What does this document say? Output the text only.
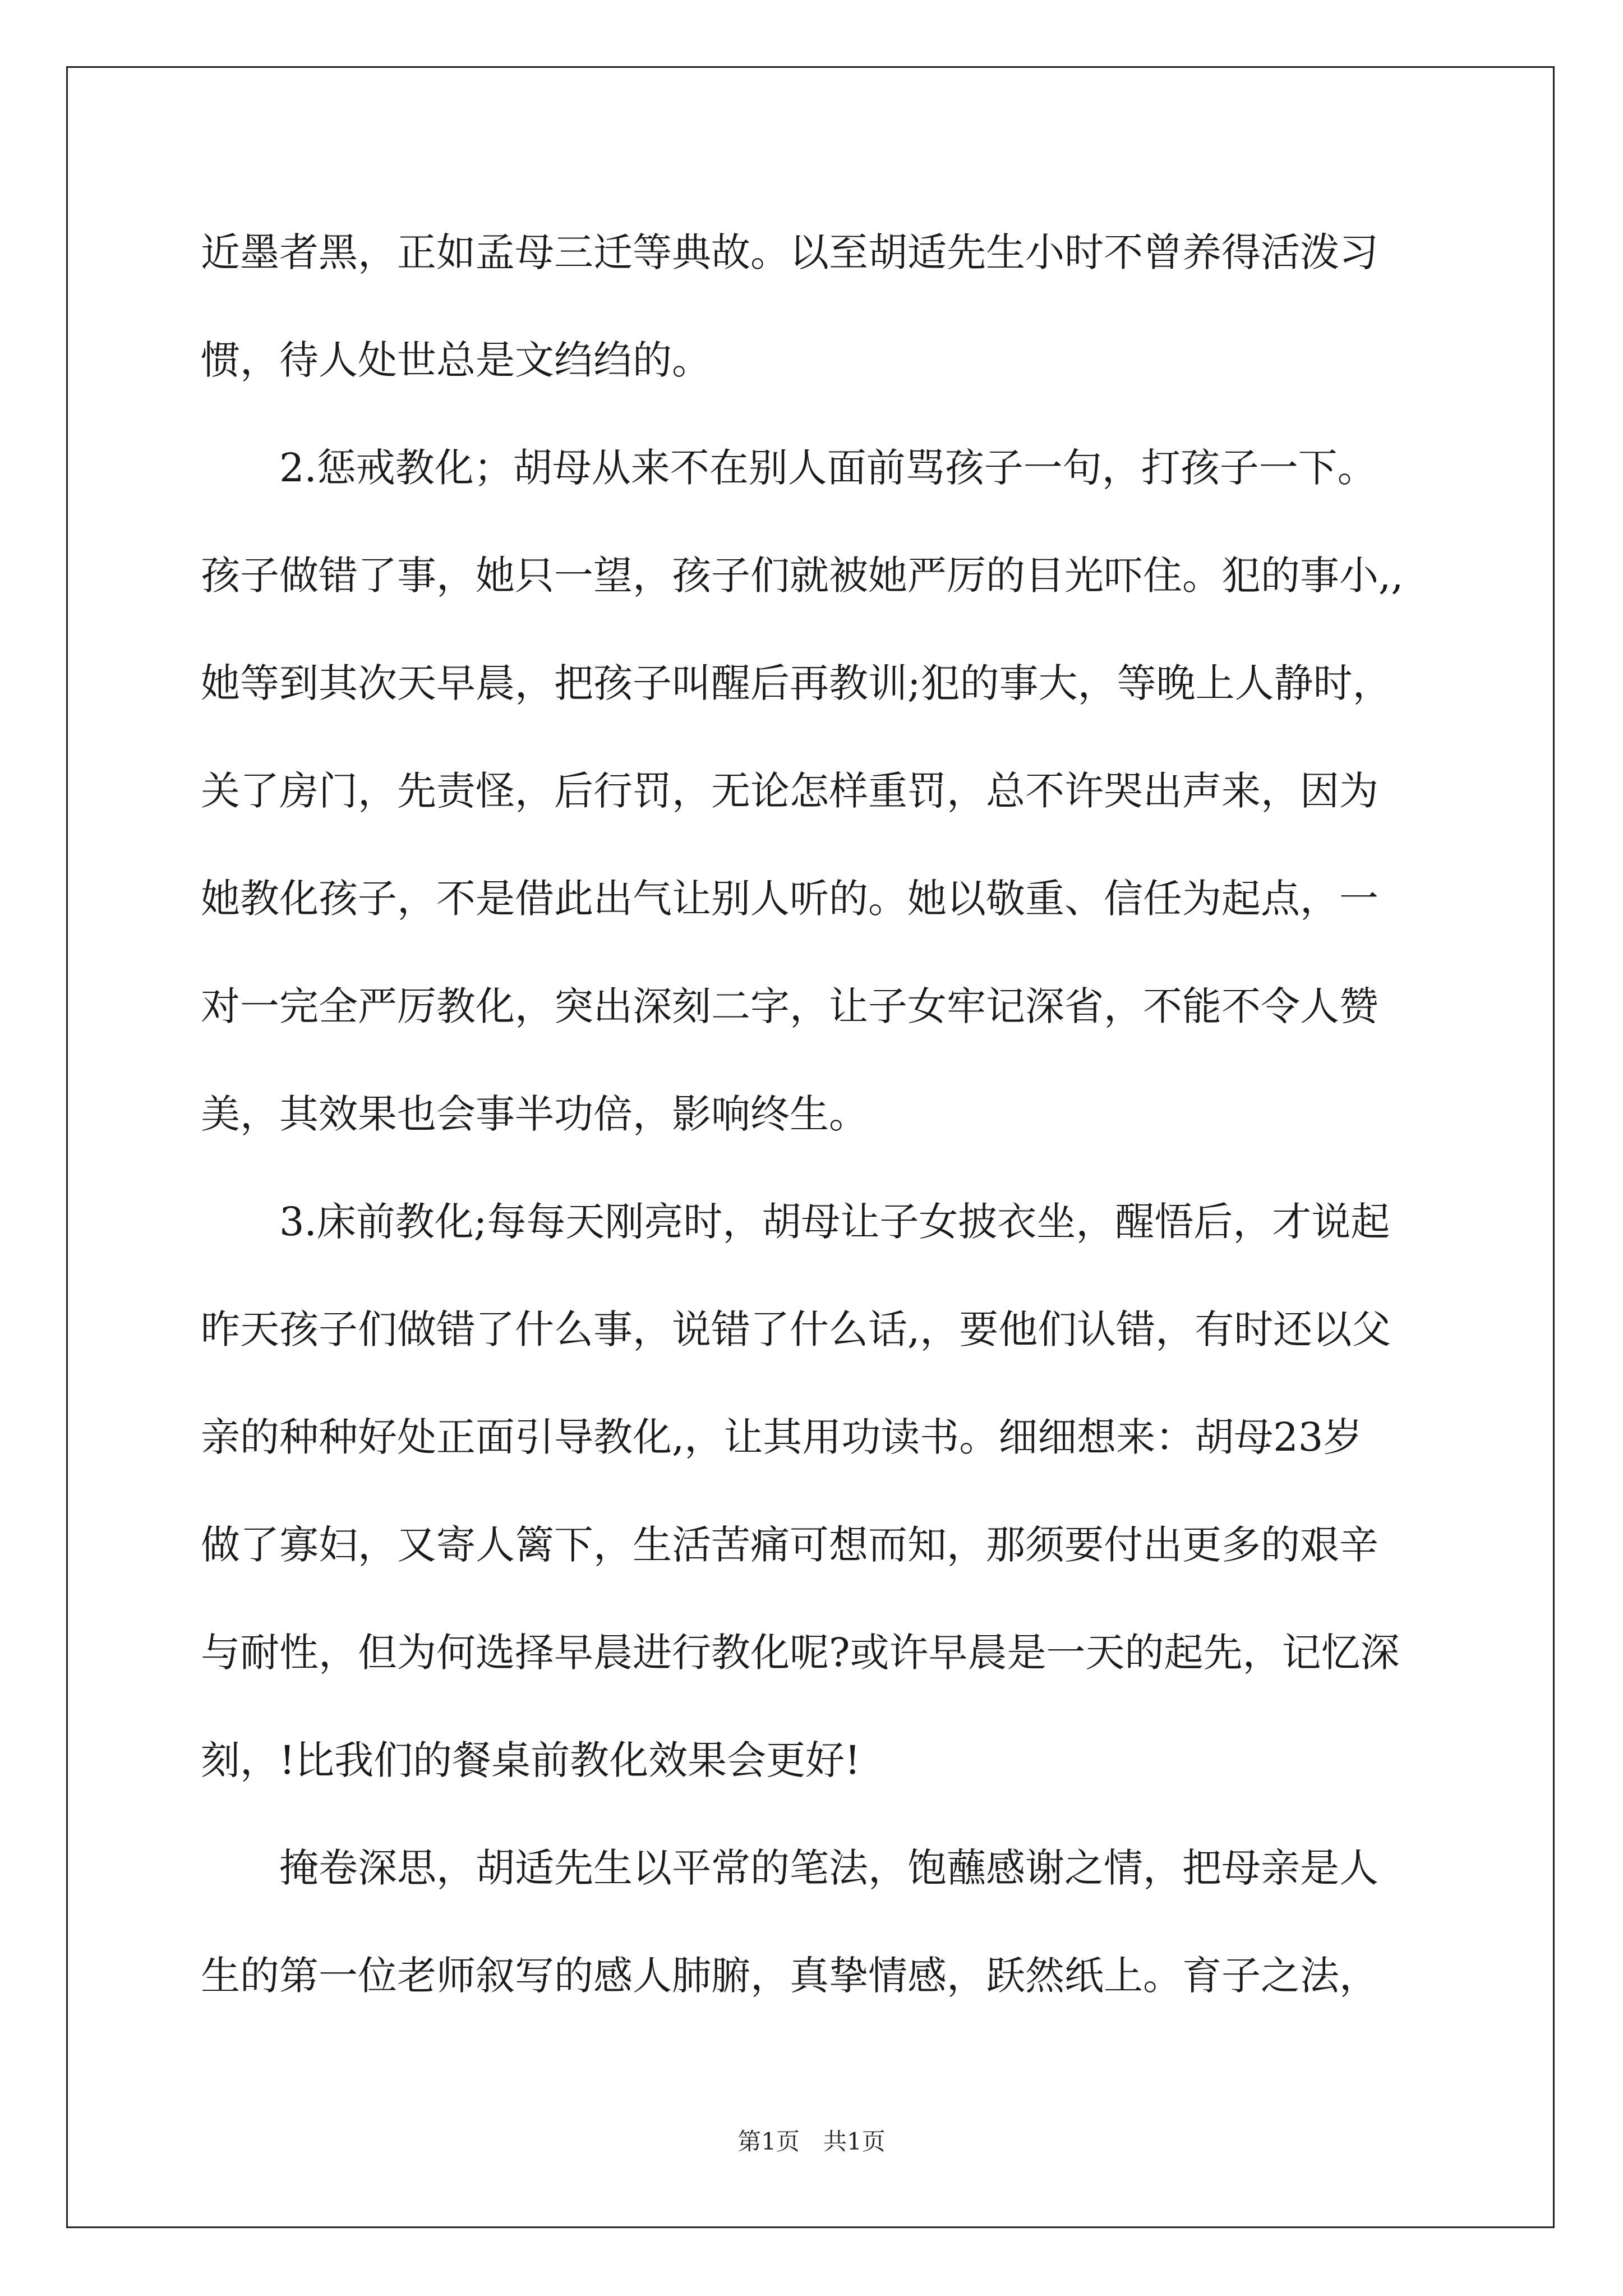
近墨者黑，正如孟母三迁等典故。以至胡适先生小时不曾养得活泼习
惯，待人处世总是文绉绉的。
2.惩戒教化；胡母从来不在别人面前骂孩子一句，打孩子一下。
孩子做错了事，她只一望，孩子们就被她严厉的目光吓住。犯的事小,,
她等到其次天早晨，把孩子叫醒后再教训;犯的事大，等晚上人静时，
关了房门，先责怪，后行罚，无论怎样重罚，总不许哭出声来，因为
她教化孩子，不是借此出气让别人听的。她以敬重、信任为起点，一
对一完全严厉教化，突出深刻二字，让子女牢记深省，不能不令人赞
美，其效果也会事半功倍，影响终生。
3.床前教化;每每天刚亮时，胡母让子女披衣坐，醒悟后，才说起
昨天孩子们做错了什么事，说错了什么话,，要他们认错，有时还以父
亲的种种好处正面引导教化,，让其用功读书。细细想来：胡母23岁
做了寡妇，又寄人篱下，生活苦痛可想而知，那须要付出更多的艰辛
与耐性，但为何选择早晨进行教化呢?或许早晨是一天的起先，记忆深
刻，!比我们的餐桌前教化效果会更好!
掩卷深思，胡适先生以平常的笔法，饱蘸感谢之情，把母亲是人
生的第一位老师叙写的感人肺腑，真挚情感，跃然纸上。育子之法，
第1页　共1页
